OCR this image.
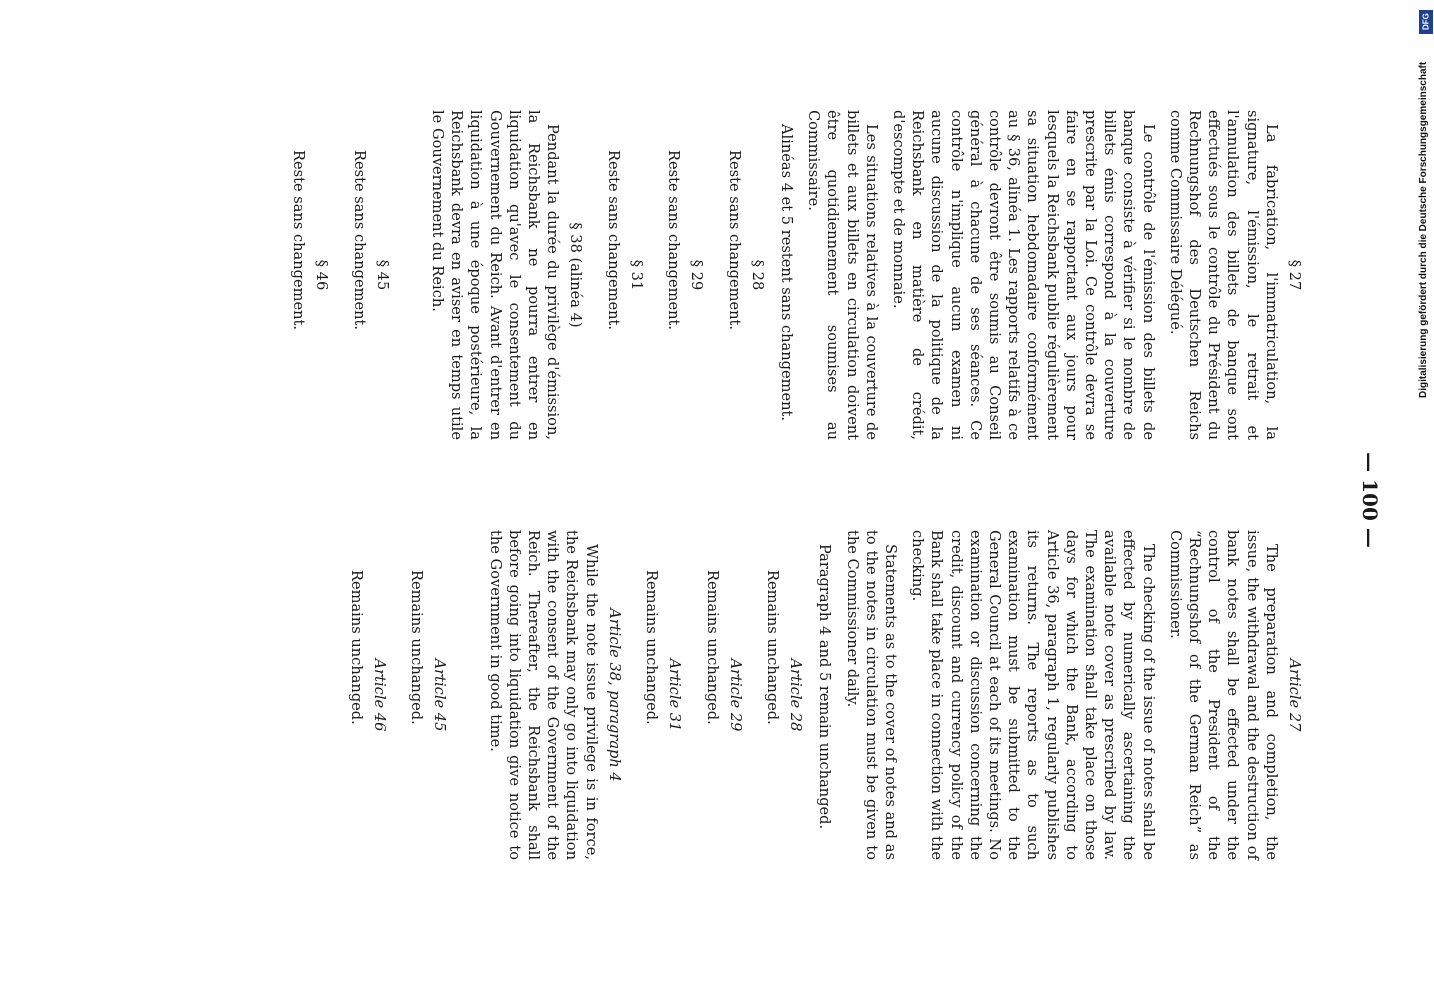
— 100 —
§ 27
La fabrication, l'immatriculation, la signature, l'émission, le retrait et l'annulation des billets de banque sont effectués sous le contrôle du Président du Rechnungshof des Deutschen Reichs comme Commissaire Délégué.
Le contrôle de l'émission des billets de banque consiste à vérifier si le nombre de billets émis correspond à la couverture prescrite par la Loi. Ce contrôle devra se faire en se rapportant aux jours pour lesquels la Reichsbank publie régulièrement sa situation hebdomadaire conformément au § 36, alinéa 1. Les rapports relatifs à ce contrôle devront être soumis au Conseil général à chacune de ses séances. Ce contrôle n'implique aucun examen ni aucune discussion de la politique de la Reichsbank en matière de crédit, d'escompte et de monnaie.
Les situations relatives à la couverture de billets et aux billets en circulation doivent être quotidiennement soumises au Commissaire.
Alinéas 4 et 5 restent sans changement.
§ 28
Reste sans changement.
§ 29
Reste sans changement.
§ 31
Reste sans changement.
§ 38 (alinéa 4)
Pendant la durée du privilège d'émission, la Reichsbank ne pourra entrer en liquidation qu'avec le consentement du Gouvernement du Reich. Avant d'entrer en liquidation à une époque postérieure, la Reichsbank devra en aviser en temps utile le Gouvernement du Reich.
§ 45
Reste sans changement.
§ 46
Reste sans changement.
Article 27
The preparation and completion, the issue, the withdrawal and the destruction of bank notes shall be effected under the control of the President of the “Rechnungshof of the German Reich” as Commissioner.
The checking of the issue of notes shall be effected by numerically ascertaining the available note cover as prescribed by law. The examination shall take place on those days for which the Bank, according to Article 36, paragraph 1, regularly publishes its returns. The reports as to such examination must be submitted to the General Council at each of its meetings. No examination or discussion concerning the credit, discount and currency policy of the Bank shall take place in connection with the checking.
Statements as to the cover of notes and as to the notes in circulation must be given to the Commissioner daily.
Paragraph 4 and 5 remain unchanged.
Article 28
Remains unchanged.
Article 29
Remains unchanged.
Article 31
Remains unchanged.
Article 38, paragraph 4
While the note issue privilege is in force, the Reichsbank may only go into liquidation with the consent of the Government of the Reich. Thereafter, the Reichsbank shall before going into liquidation give notice to the Government in good time.
Article 45
Remains unchanged.
Article 46
Remains unchanged.
DFG
Digitalisierung gefördert durch die Deutsche Forschungsgemeinschaft
